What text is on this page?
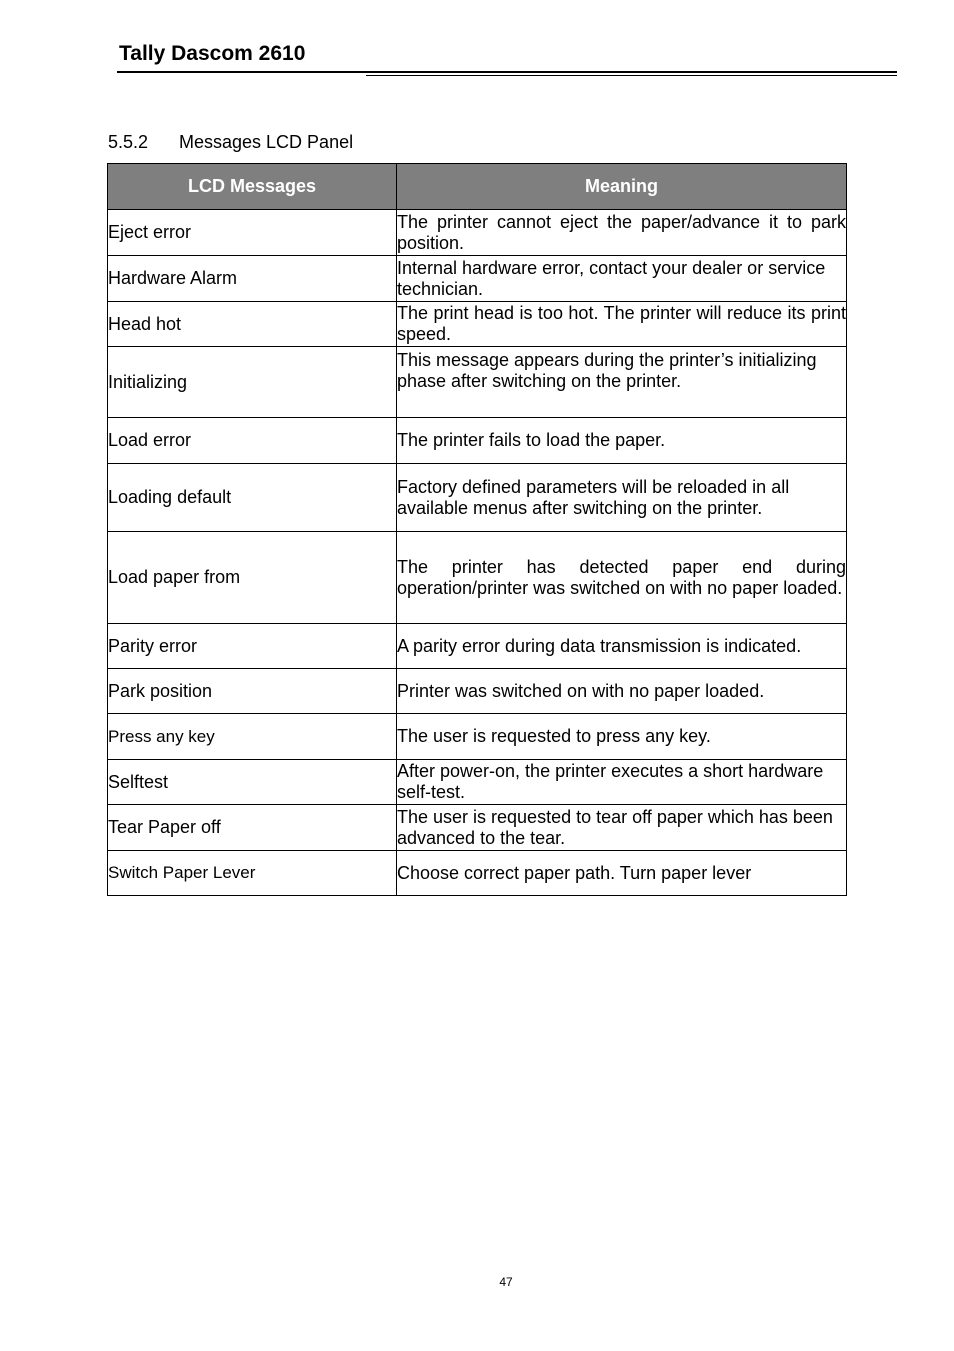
Tally Dascom 2610
5.5.2 Messages LCD Panel
LCD Messages	Meaning
Eject error	The printer cannot eject the paper/advance it to park position.
Hardware Alarm	Internal hardware error, contact your dealer or service technician.
Head hot	The print head is too hot. The printer will reduce its print speed.
Initializing	This message appears during the printer’s initializing phase after switching on the printer.
Load error	The printer fails to load the paper.
Loading default	Factory defined parameters will be reloaded in all available menus after switching on the printer.
Load paper from	The printer has detected paper end during operation/printer was switched on with no paper loaded.
Parity error	A parity error during data transmission is indicated.
Park position	Printer was switched on with no paper loaded.
Press any key	The user is requested to press any key.
Selftest	After power-on, the printer executes a short hardware self-test.
Tear Paper off	The user is requested to tear off paper which has been advanced to the tear.
Switch Paper Lever	Choose correct paper path. Turn paper lever
47
